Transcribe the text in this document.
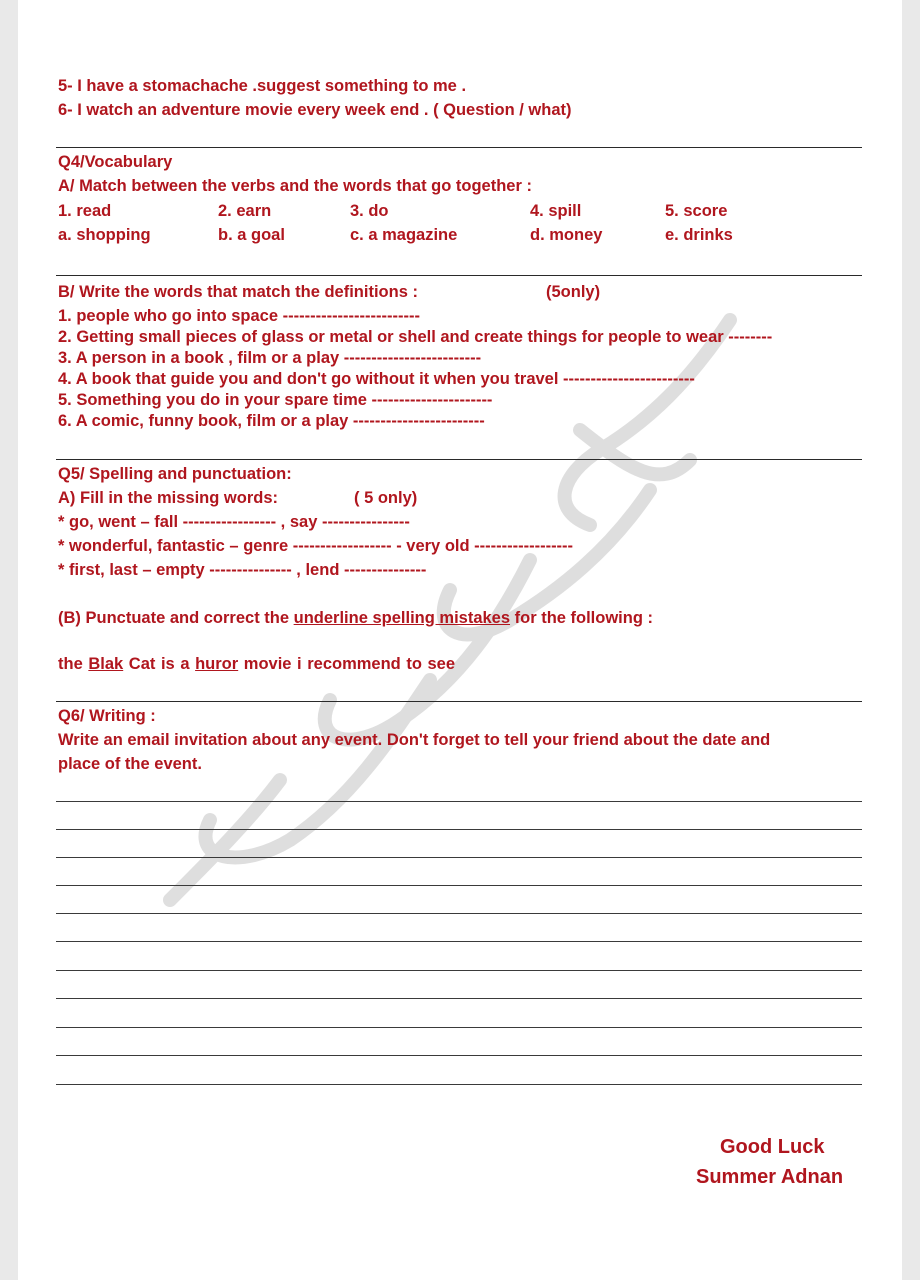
5- I have a stomachache .suggest something to me .
6- I watch an adventure movie every week end . ( Question / what)
Q4/Vocabulary
A/ Match between the verbs and the words that go together :
1. read	2. earn	3. do	4. spill	5. score
a. shopping	b. a goal	c. a magazine	d. money	e. drinks
B/ Write the words that match the definitions :	(5only)
1. people who go into space -------------------------
2. Getting small pieces of glass or metal or shell and create things for people to wear --------
3. A person in a book , film or a play -------------------------
4. A book that guide you and don't go without it when you travel ------------------------
5. Something you do in your spare time ----------------------
6. A comic, funny book, film or a play ------------------------
Q5/ Spelling and punctuation:
A) Fill in the missing words:	( 5 only)
* go, went – fall ----------------- , say ----------------
* wonderful, fantastic – genre ------------------ - very old ------------------
* first, last – empty --------------- , lend ---------------
(B) Punctuate and correct the underline spelling mistakes for the following :
the Blak Cat is a huror movie i recommend to see
Q6/ Writing :
Write an email invitation about any event. Don't forget to tell your friend about the date and
place of the event.
Good Luck
Summer Adnan
